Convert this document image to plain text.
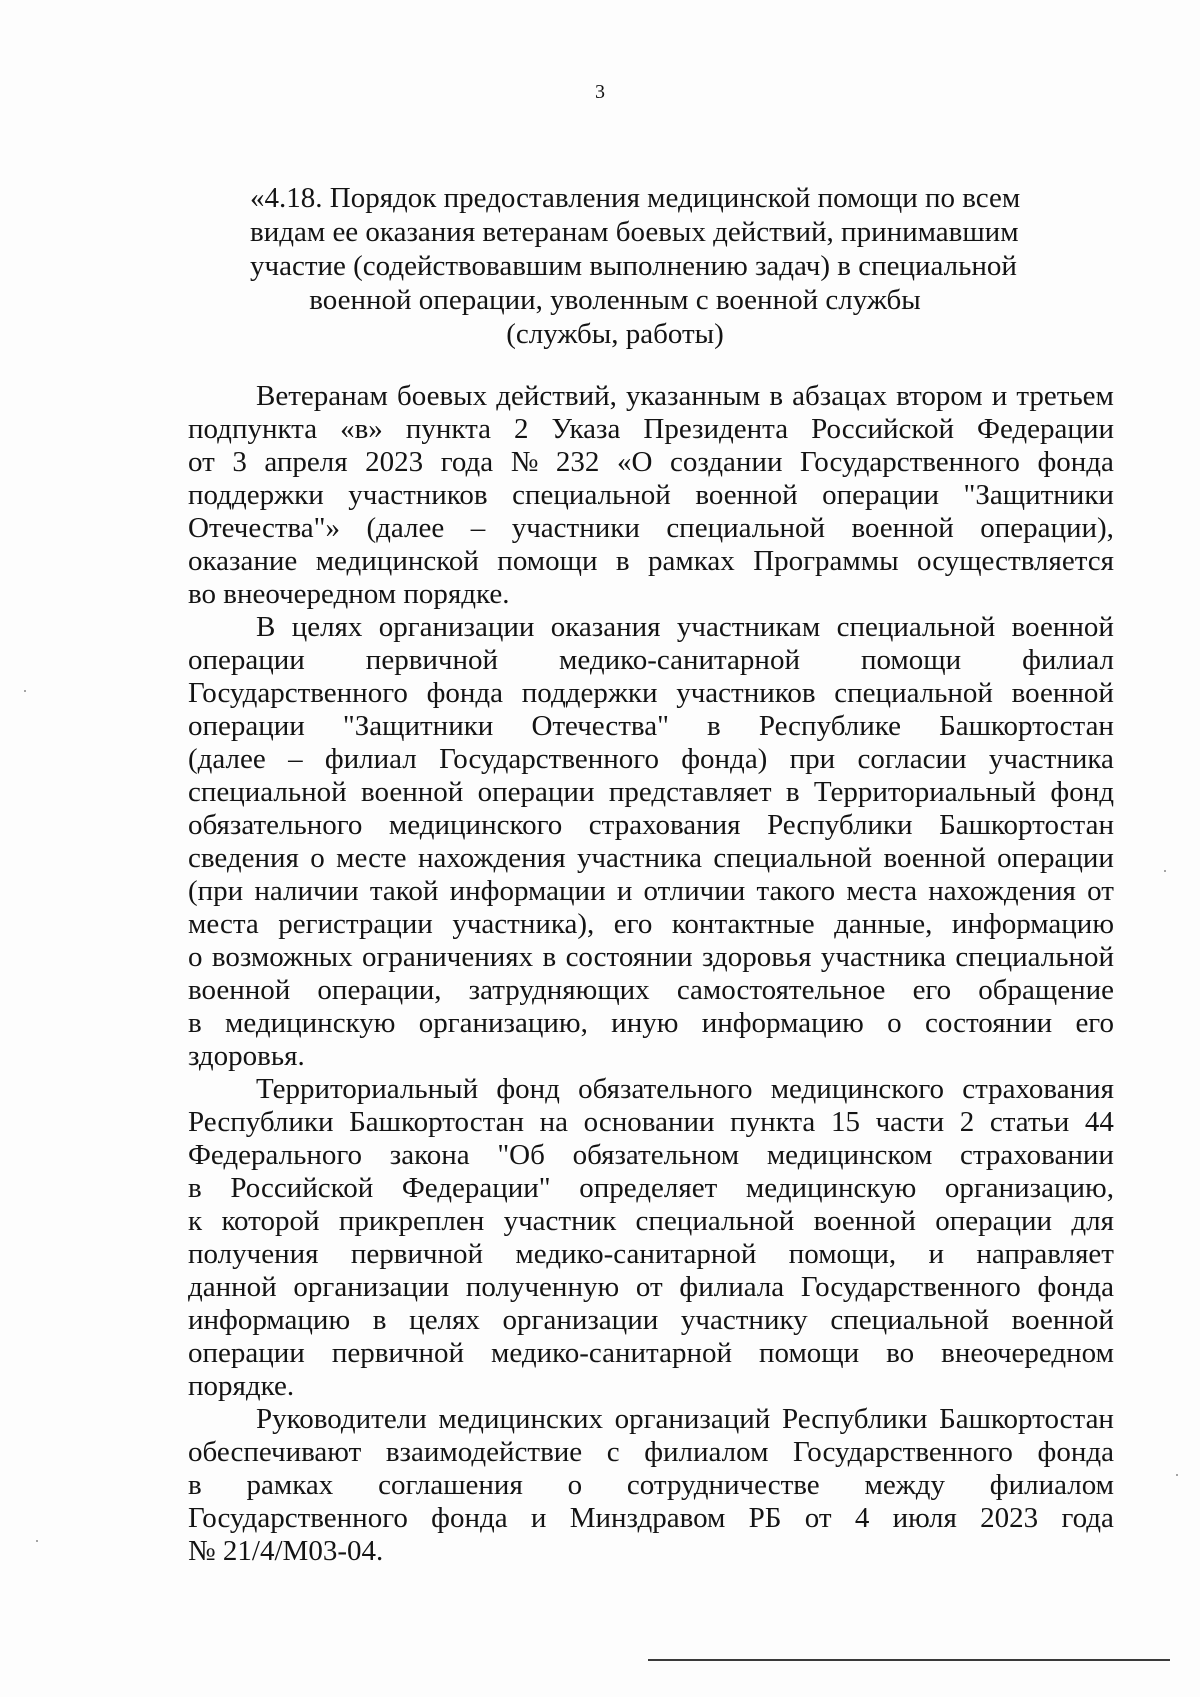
3
«4.18. Порядок предоставления медицинской помощи по всем
видам ее оказания ветеранам боевых действий, принимавшим
участие (содействовавшим выполнению задач) в специальной
военной операции, уволенным с военной службы
(службы, работы)
Ветеранам боевых действий, указанным в абзацах втором и третьем
подпункта «в» пункта 2 Указа Президента Российской Федерации
от 3 апреля 2023 года № 232 «О создании Государственного фонда
поддержки участников специальной военной операции "Защитники
Отечества"» (далее – участники специальной военной операции),
оказание медицинской помощи в рамках Программы осуществляется
во внеочередном порядке.
В целях организации оказания участникам специальной военной
операции первичной медико-санитарной помощи филиал
Государственного фонда поддержки участников специальной военной
операции "Защитники Отечества" в Республике Башкортостан
(далее – филиал Государственного фонда) при согласии участника
специальной военной операции представляет в Территориальный фонд
обязательного медицинского страхования Республики Башкортостан
сведения о месте нахождения участника специальной военной операции
(при наличии такой информации и отличии такого места нахождения от
места регистрации участника), его контактные данные, информацию
о возможных ограничениях в состоянии здоровья участника специальной
военной операции, затрудняющих самостоятельное его обращение
в медицинскую организацию, иную информацию о состоянии его
здоровья.
Территориальный фонд обязательного медицинского страхования
Республики Башкортостан на основании пункта 15 части 2 статьи 44
Федерального закона "Об обязательном медицинском страховании
в Российской Федерации" определяет медицинскую организацию,
к которой прикреплен участник специальной военной операции для
получения первичной медико-санитарной помощи, и направляет
данной организации полученную от филиала Государственного фонда
информацию в целях организации участнику специальной военной
операции первичной медико-санитарной помощи во внеочередном
порядке.
Руководители медицинских организаций Республики Башкортостан
обеспечивают взаимодействие с филиалом Государственного фонда
в рамках соглашения о сотрудничестве между филиалом
Государственного фонда и Минздравом РБ от 4 июля 2023 года
№ 21/4/М03-04.
